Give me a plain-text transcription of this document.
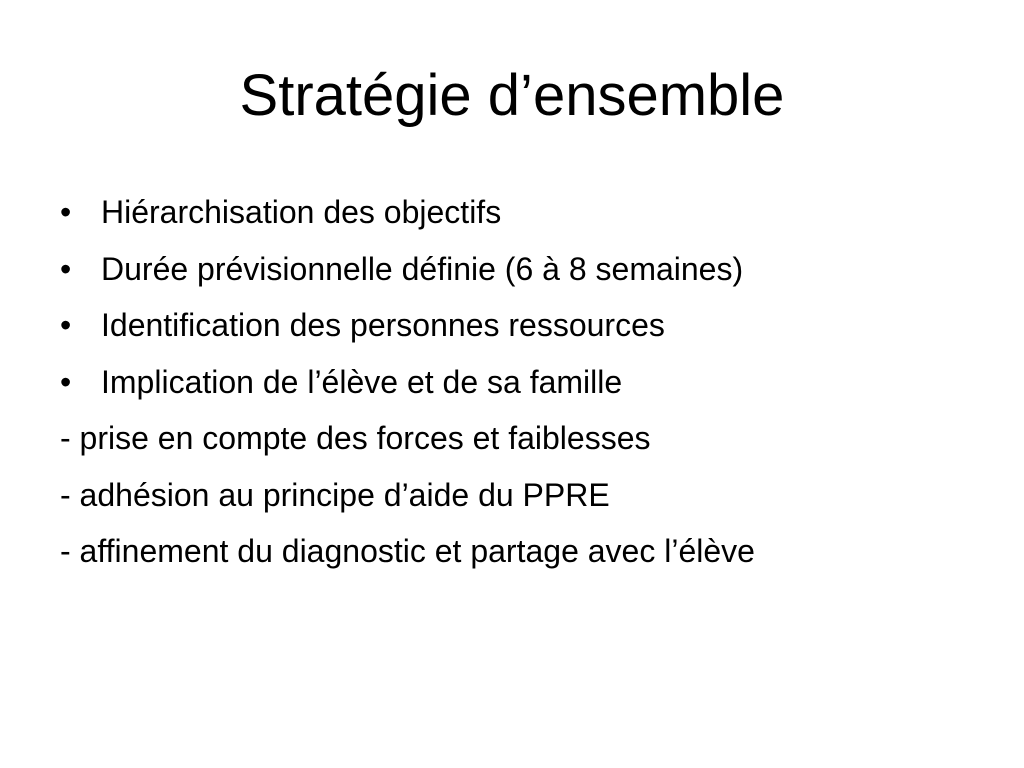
Stratégie d’ensemble
• Hiérarchisation des objectifs
• Durée prévisionnelle définie (6 à 8 semaines)
• Identification des personnes ressources
• Implication de l’élève et de sa famille
- prise en compte des forces et faiblesses
- adhésion au principe d’aide du PPRE
- affinement du diagnostic et partage avec l’élève
